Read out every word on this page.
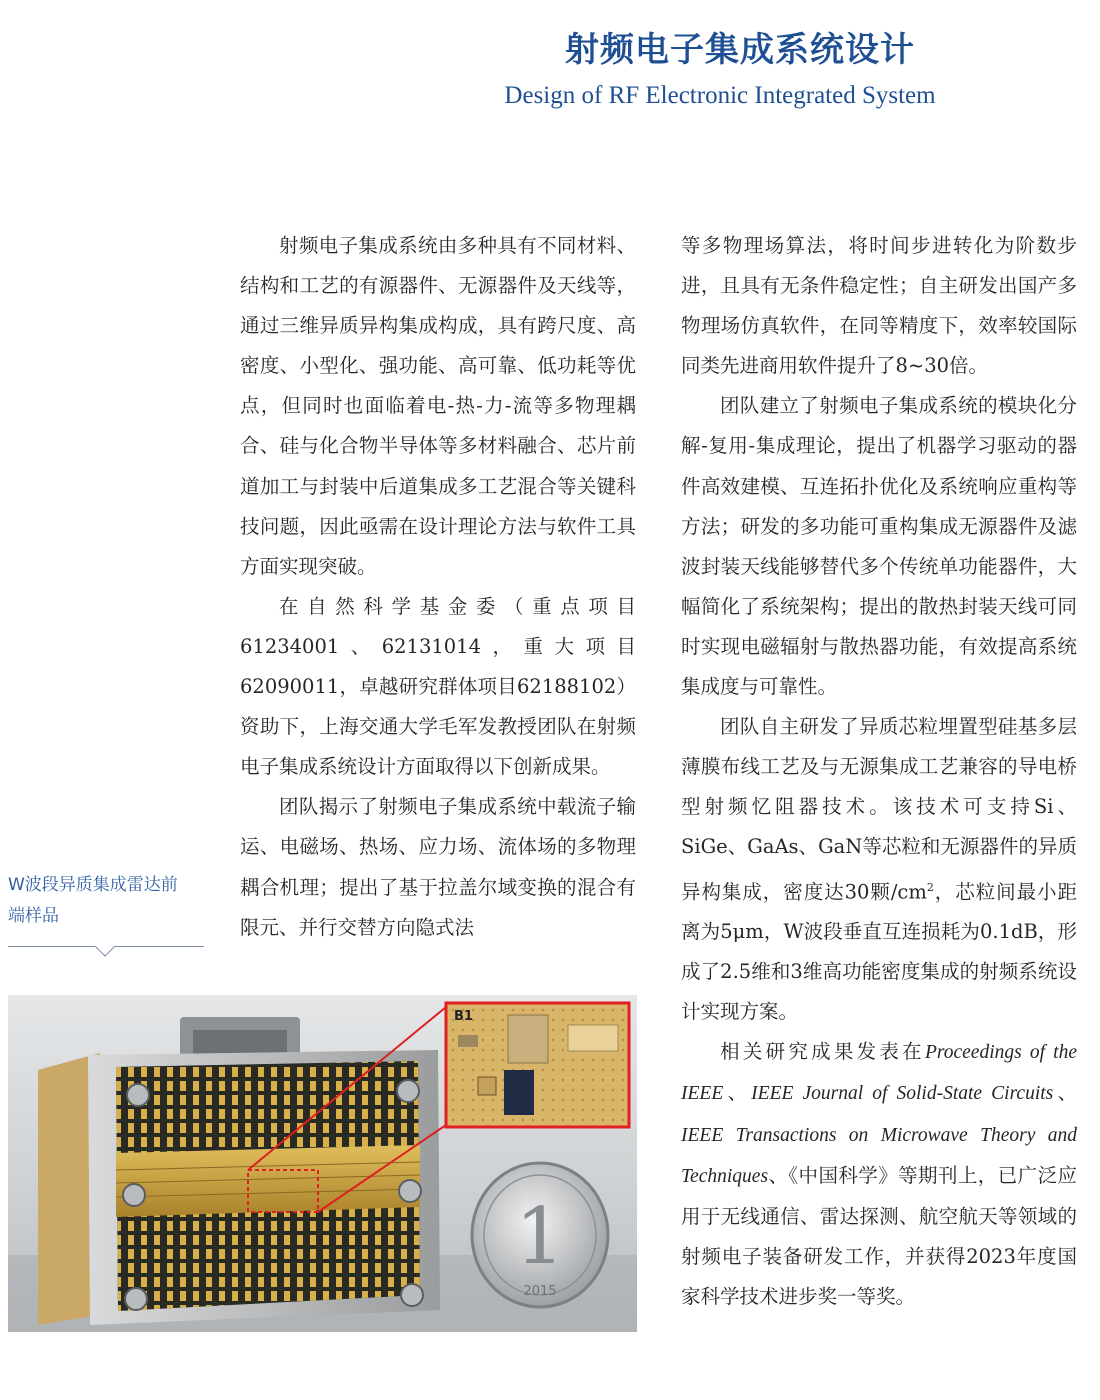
射频电子集成系统设计
Design of RF Electronic Integrated System

射频电子集成系统由多种具有不同材料、结构和工艺的有源器件、无源器件及天线等，通过三维异质异构集成构成，具有跨尺度、高密度、小型化、强功能、高可靠、低功耗等优点，但同时也面临着电-热-力-流等多物理耦合、硅与化合物半导体等多材料融合、芯片前道加工与封装中后道集成多工艺混合等关键科技问题，因此亟需在设计理论方法与软件工具方面实现突破。

在自然科学基金委（重点项目61234001、62131014，重大项目62090011，卓越研究群体项目62188102）资助下，上海交通大学毛军发教授团队在射频电子集成系统设计方面取得以下创新成果。

团队揭示了射频电子集成系统中载流子输运、电磁场、热场、应力场、流体场的多物理耦合机理；提出了基于拉盖尔域变换的混合有限元、并行交替方向隐式法

等多物理场算法，将时间步进转化为阶数步进，且具有无条件稳定性；自主研发出国产多物理场仿真软件，在同等精度下，效率较国际同类先进商用软件提升了8~30倍。

团队建立了射频电子集成系统的模块化分解-复用-集成理论，提出了机器学习驱动的器件高效建模、互连拓扑优化及系统响应重构等方法；研发的多功能可重构集成无源器件及滤波封装天线能够替代多个传统单功能器件，大幅简化了系统架构；提出的散热封装天线可同时实现电磁辐射与散热器功能，有效提高系统集成度与可靠性。

团队自主研发了异质芯粒埋置型硅基多层薄膜布线工艺及与无源集成工艺兼容的导电桥型射频忆阻器技术。该技术可支持Si、SiGe、GaAs、GaN等芯粒和无源器件的异质异构集成，密度达30颗$/cm^2$，芯粒间最小距离为5μm，W波段垂直互连损耗为0.1dB，形成了2.5维和3维高功能密度集成的射频系统设计实现方案。

相关研究成果发表在Proceedings of the IEEE、IEEE Journal of Solid-State Circuits、IEEE Transactions on Microwave Theory and Techniques、《中国科学》等期刊上，已广泛应用于无线通信、雷达探测、航空航天等领域的射频电子装备研发工作，并获得2023年度国家科学技术进步奖一等奖。

W波段异质集成雷达前
端样品
B1
1
2015
